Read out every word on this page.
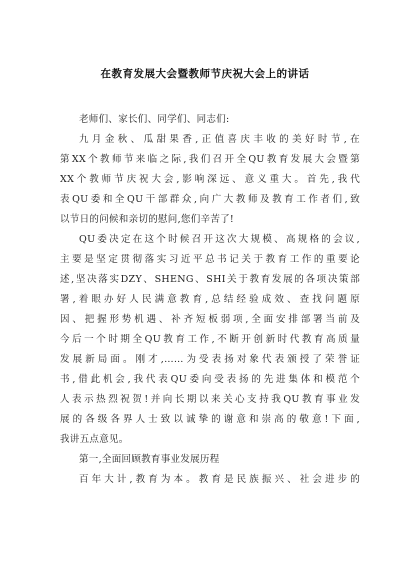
在教育发展大会暨教师节庆祝大会上的讲话
老师们、家长们、同学们、同志们:
九月金秋、瓜甜果香,正值喜庆丰收的美好时节,在
第XX个教师节来临之际,我们召开全QU教育发展大会暨第
XX个教师节庆祝大会,影响深远、意义重大。首先,我代
表QU委和全QU干部群众,向广大教师及教育工作者们,致
以节日的问候和亲切的慰问,您们辛苦了!
QU委决定在这个时候召开这次大规模、高规格的会议,
主要是坚定贯彻落实习近平总书记关于教育工作的重要论
述,坚决落实DZY、SHENG、SHI关于教育发展的各项决策部
署,着眼办好人民满意教育,总结经验成效、查找问题原
因、把握形势机遇、补齐短板弱项,全面安排部署当前及
今后一个时期全QU教育工作,不断开创新时代教育高质量
发展新局面。刚才,……为受表扬对象代表颁授了荣誉证
书,借此机会,我代表QU委向受表扬的先进集体和模范个
人表示热烈祝贺!并向长期以来关心支持我QU教育事业发
展的各级各界人士致以诚挚的谢意和崇高的敬意!下面,
我讲五点意见。
第一,全面回顾教育事业发展历程
百年大计,教育为本。教育是民族振兴、社会进步的
